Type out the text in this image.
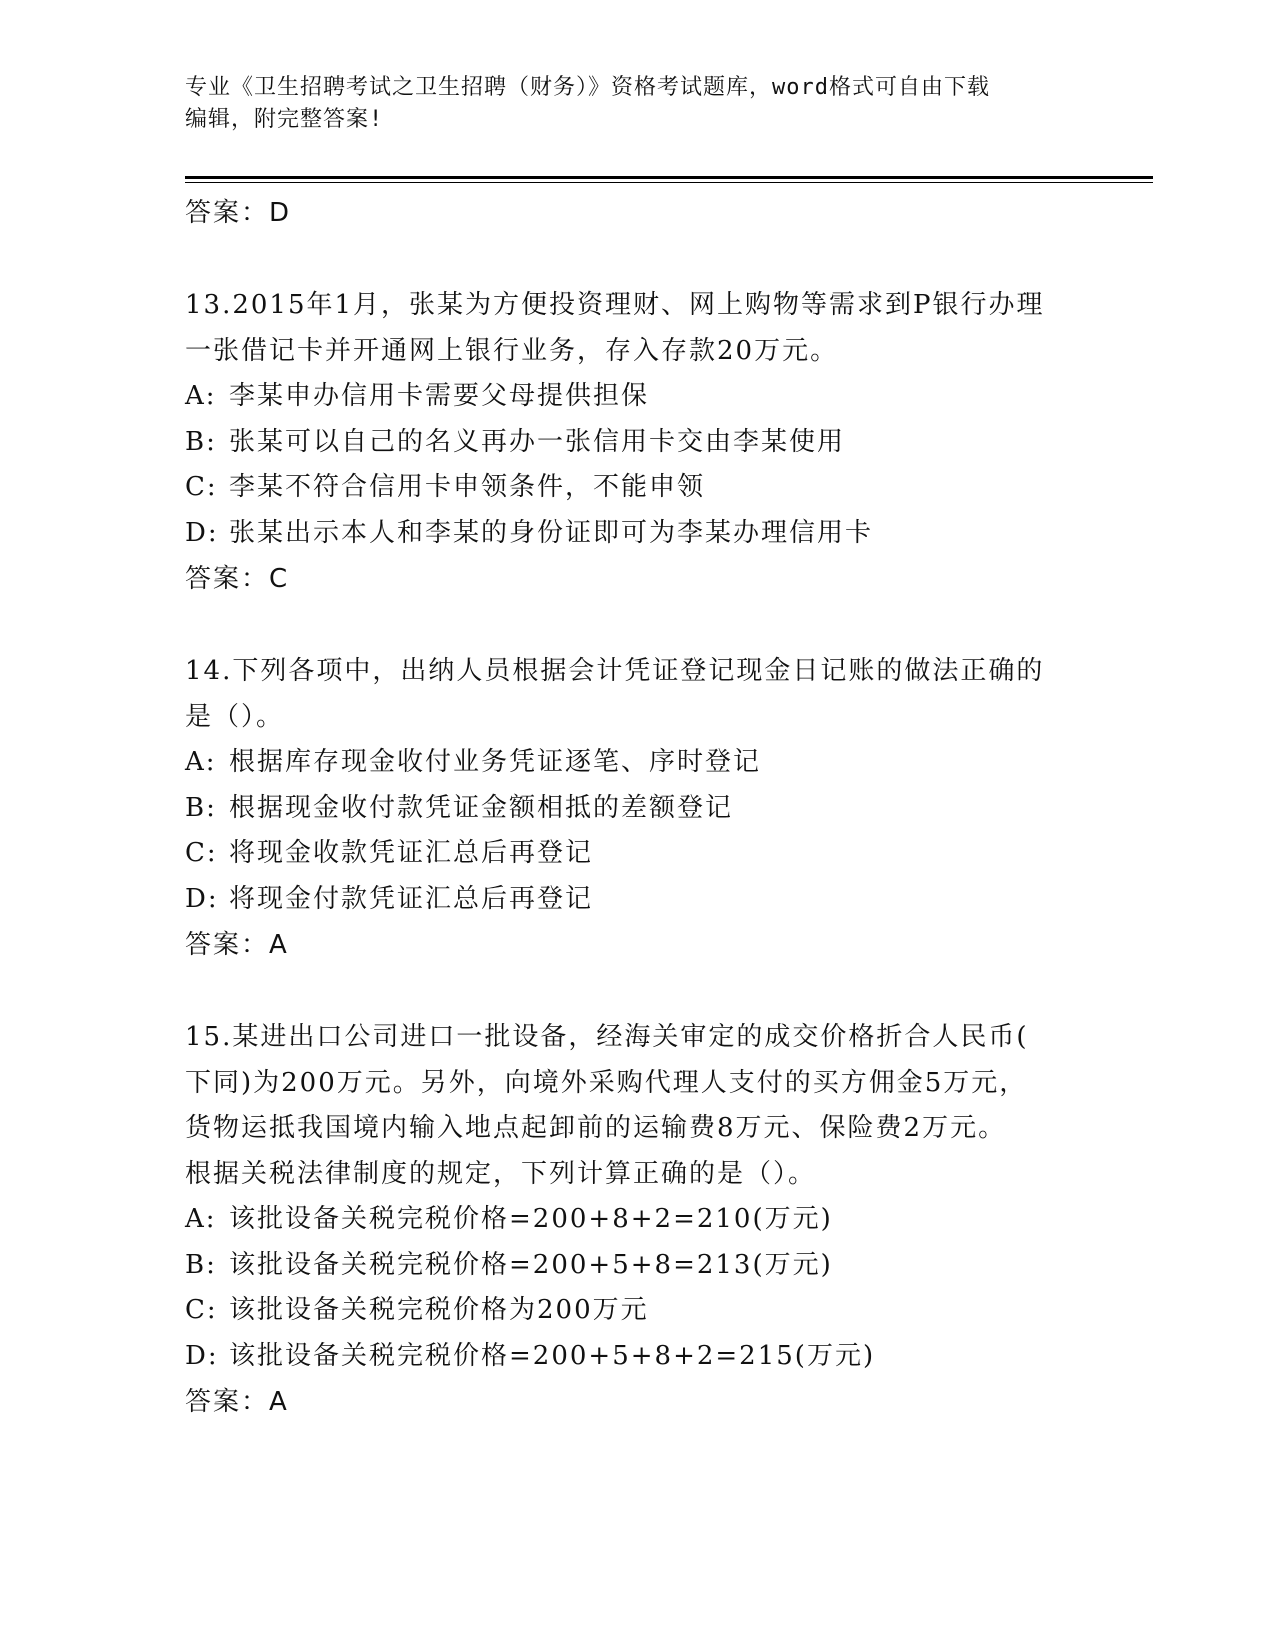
专业《卫生招聘考试之卫生招聘（财务）》资格考试题库，word格式可自由下载
编辑，附完整答案!

答案：D

13.2015年1月，张某为方便投资理财、网上购物等需求到P银行办理

一张借记卡并开通网上银行业务，存入存款20万元。

A: 李某申办信用卡需要父母提供担保

B: 张某可以自己的名义再办一张信用卡交由李某使用

C: 李某不符合信用卡申领条件，不能申领

D: 张某出示本人和李某的身份证即可为李某办理信用卡

答案：C

14.下列各项中，出纳人员根据会计凭证登记现金日记账的做法正确的

是（）。

A: 根据库存现金收付业务凭证逐笔、序时登记

B: 根据现金收付款凭证金额相抵的差额登记

C: 将现金收款凭证汇总后再登记

D: 将现金付款凭证汇总后再登记

答案：A

15.某进出口公司进口一批设备，经海关审定的成交价格折合人民币(

下同)为200万元。另外，向境外采购代理人支付的买方佣金5万元，

货物运抵我国境内输入地点起卸前的运输费8万元、保险费2万元。

根据关税法律制度的规定，下列计算正确的是（）。

A: 该批设备关税完税价格=200+8+2=210(万元)

B: 该批设备关税完税价格=200+5+8=213(万元)

C: 该批设备关税完税价格为200万元

D: 该批设备关税完税价格=200+5+8+2=215(万元)

答案：A
